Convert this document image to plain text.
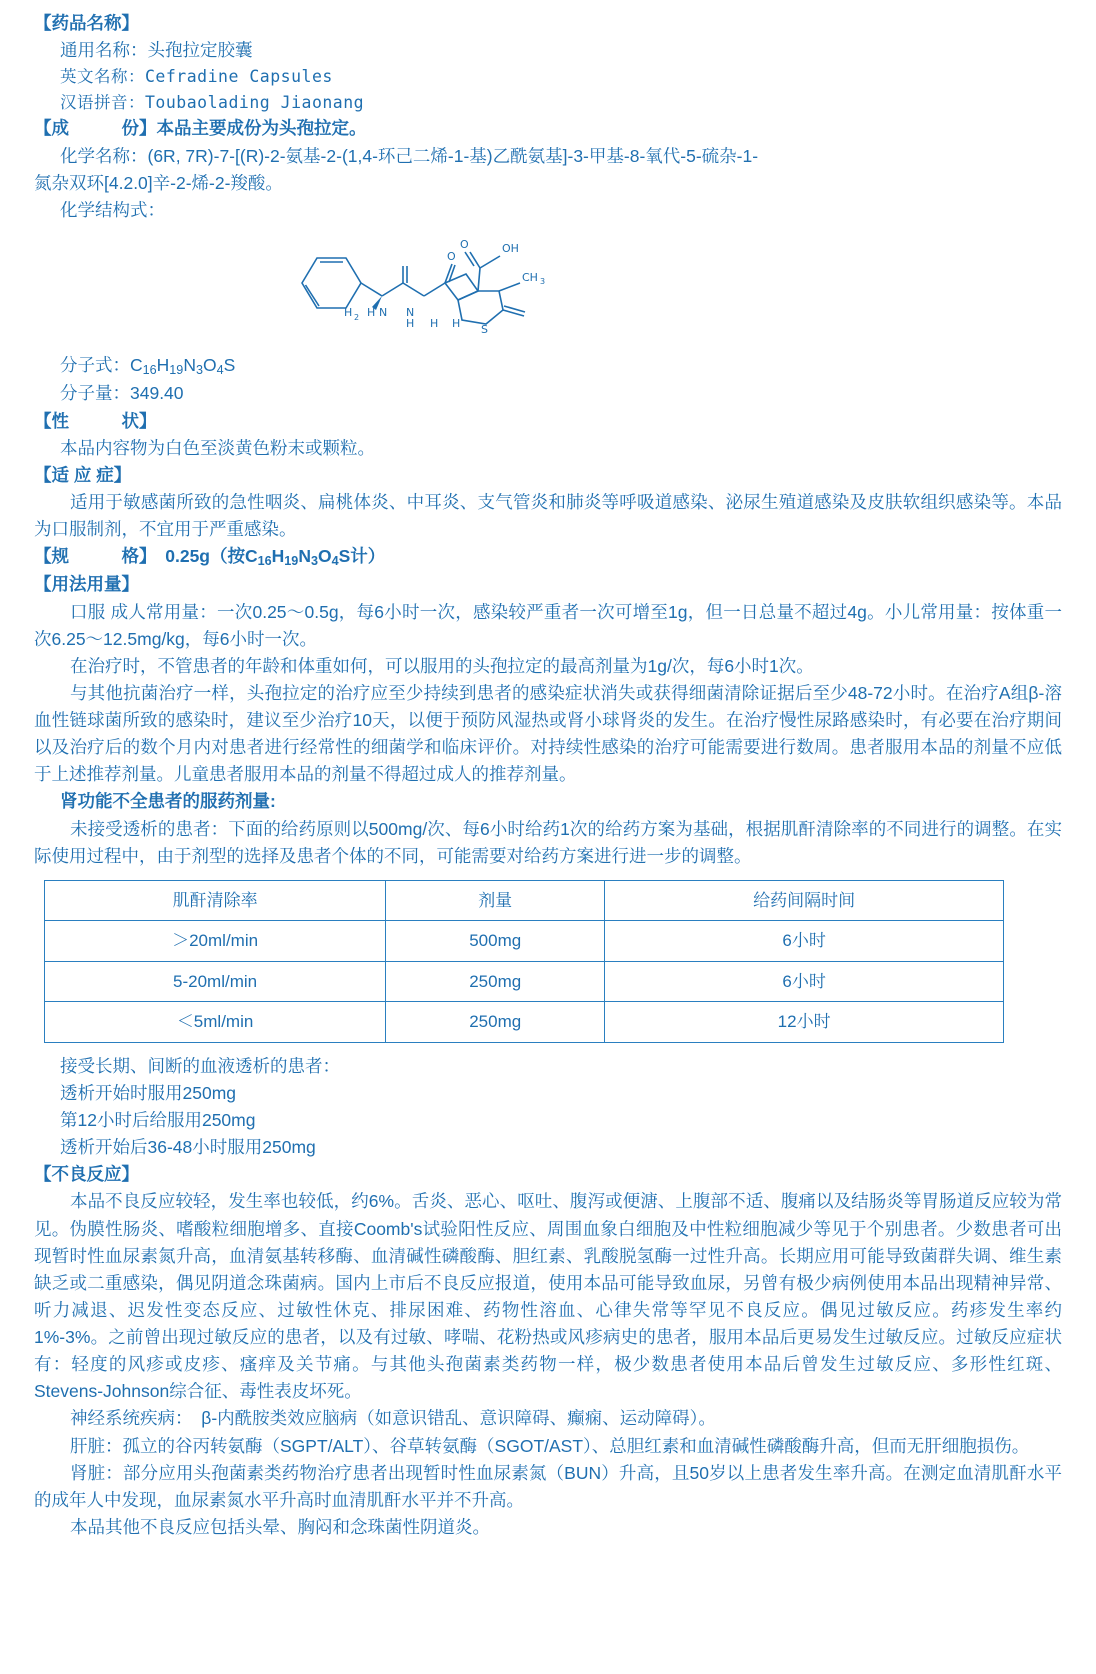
【药品名称】
通用名称：头孢拉定胶囊
英文名称：Cefradine Capsules
汉语拼音：Toubaolading Jiaonang
【成　　　份】本品主要成份为头孢拉定。
化学名称：(6R, 7R)-7-[(R)-2-氨基-2-(1,4-环己二烯-1-基)乙酰氨基]-3-甲基-8-氧代-5-硫杂-1-
氮杂双环[4.2.0]辛-2-烯-2-羧酸。
化学结构式：
O	OH
O
CH 3
S
H N
H 2	N
H H H
分子式：$C_{16}H_{19}N_3O_4S$
分子量：349.40
【性　　　状】
本品内容物为白色至淡黄色粉末或颗粒。
【适 应 症】
适用于敏感菌所致的急性咽炎、扁桃体炎、中耳炎、支气管炎和肺炎等呼吸道感染、泌尿生殖道感染及皮肤软组织感染等。本品为口服制剂，不宜用于严重感染。
【规　　　格】　 0.25g（按$C_{16}H_{19}N_3O_4S$计）
【用法用量】
口服 成人常用量：一次0.25～0.5g，每6小时一次，感染较严重者一次可增至1g，但一日总量不超过4g。小儿常用量：按体重一次6.25～12.5mg/kg，每6小时一次。
在治疗时，不管患者的年龄和体重如何，可以服用的头孢拉定的最高剂量为1g/次，每6小时1次。
与其他抗菌治疗一样，头孢拉定的治疗应至少持续到患者的感染症状消失或获得细菌清除证据后至少48-72小时。在治疗A组β-溶血性链球菌所致的感染时，建议至少治疗10天，以便于预防风湿热或肾小球肾炎的发生。在治疗慢性尿路感染时，有必要在治疗期间以及治疗后的数个月内对患者进行经常性的细菌学和临床评价。对持续性感染的治疗可能需要进行数周。患者服用本品的剂量不应低于上述推荐剂量。儿童患者服用本品的剂量不得超过成人的推荐剂量。
肾功能不全患者的服药剂量:
未接受透析的患者：下面的给药原则以500mg/次、每6小时给药1次的给药方案为基础，根据肌酐清除率的不同进行的调整。在实际使用过程中，由于剂型的选择及患者个体的不同，可能需要对给药方案进行进一步的调整。
肌酐清除率	剂量	给药间隔时间
＞20ml/min	500mg	6小时
5-20ml/min	250mg	6小时
＜5ml/min	250mg	12小时
接受长期、间断的血液透析的患者：
透析开始时服用250mg
第12小时后给服用250mg
透析开始后36-48小时服用250mg
【不良反应】
本品不良反应较轻，发生率也较低，约6%。舌炎、恶心、呕吐、腹泻或便溏、上腹部不适、腹痛以及结肠炎等胃肠道反应较为常见。伪膜性肠炎、嗜酸粒细胞增多、直接Coomb's试验阳性反应、周围血象白细胞及中性粒细胞减少等见于个别患者。少数患者可出现暂时性血尿素氮升高，血清氨基转移酶、血清碱性磷酸酶、胆红素、乳酸脱氢酶一过性升高。长期应用可能导致菌群失调、维生素缺乏或二重感染，偶见阴道念珠菌病。国内上市后不良反应报道，使用本品可能导致血尿，另曾有极少病例使用本品出现精神异常、听力减退、迟发性变态反应、过敏性休克、排尿困难、药物性溶血、心律失常等罕见不良反应。偶见过敏反应。药疹发生率约1%-3%。之前曾出现过敏反应的患者，以及有过敏、哮喘、花粉热或风疹病史的患者，服用本品后更易发生过敏反应。过敏反应症状有：轻度的风疹或皮疹、瘙痒及关节痛。与其他头孢菌素类药物一样，极少数患者使用本品后曾发生过敏反应、多形性红斑、Stevens-Johnson综合征、毒性表皮坏死。
神经系统疾病：　β-内酰胺类效应脑病（如意识错乱、意识障碍、癫痫、运动障碍）。
肝脏：孤立的谷丙转氨酶（SGPT/ALT）、谷草转氨酶（SGOT/AST）、总胆红素和血清碱性磷酸酶升高，但而无肝细胞损伤。
肾脏：部分应用头孢菌素类药物治疗患者出现暂时性血尿素氮（BUN）升高，且50岁以上患者发生率升高。在测定血清肌酐水平的成年人中发现，血尿素氮水平升高时血清肌酐水平并不升高。
本品其他不良反应包括头晕、胸闷和念珠菌性阴道炎。
